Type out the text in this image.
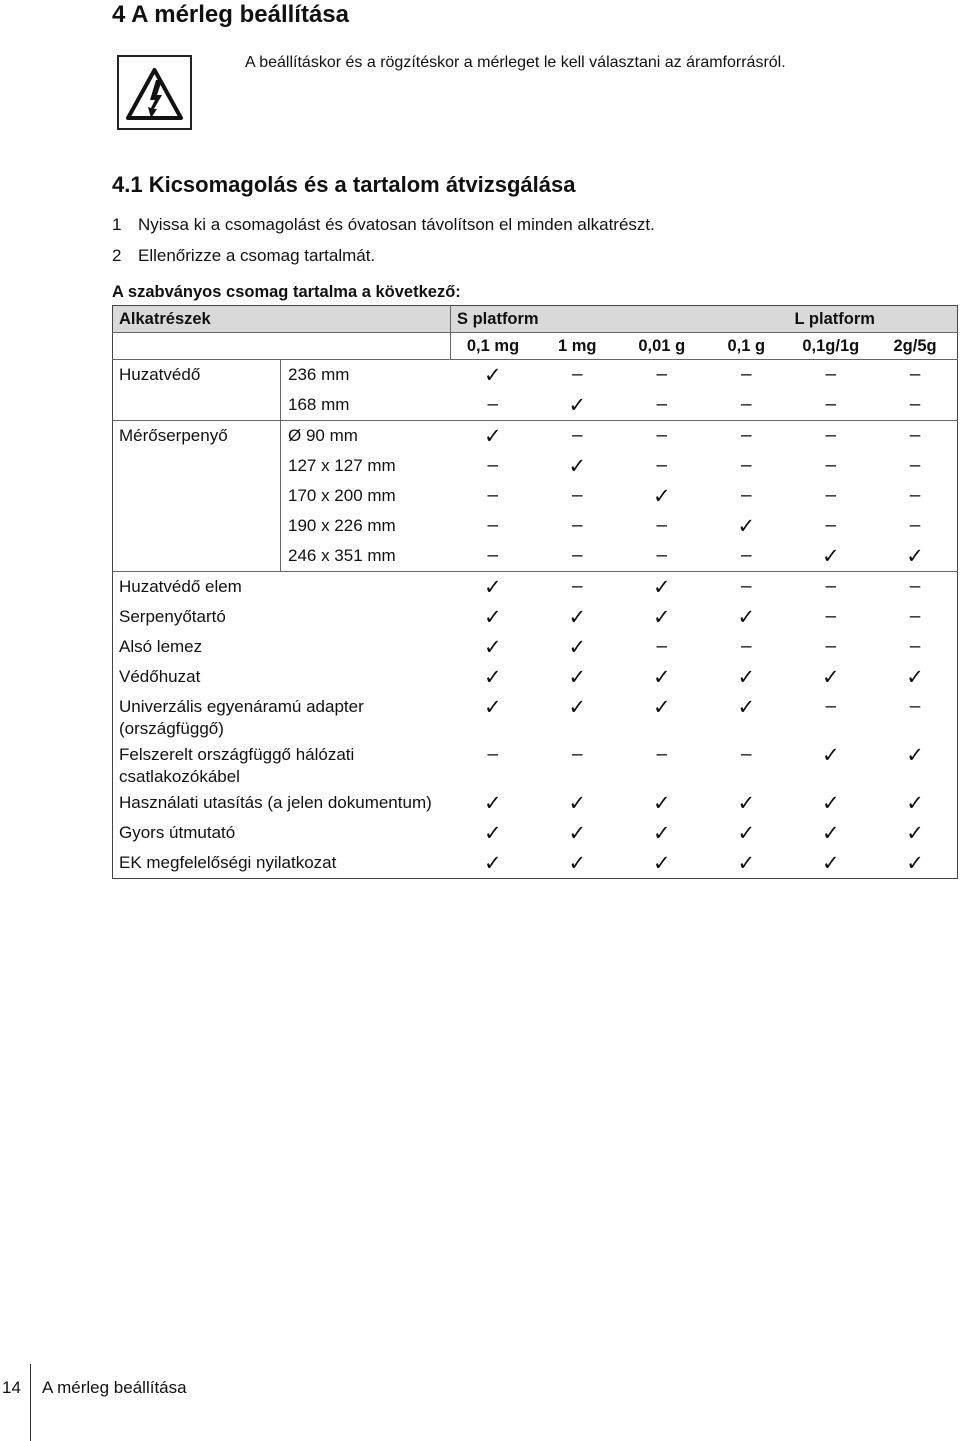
4 A mérleg beállítása
A beállításkor és a rögzítéskor a mérleget le kell választani az áramforrásról.
4.1 Kicsomagolás és a tartalom átvizsgálása
1 Nyissa ki a csomagolást és óvatosan távolítson el minden alkatrészt.
2 Ellenőrizze a csomag tartalmát.
A szabványos csomag tartalma a következő:
Alkatrészek		S platform				L platform	
		0,1 mg	1 mg	0,01 g	0,1 g	0,1g/1g	2g/5g
Huzatvédő	236 mm	✓	–	–	–	–	–
	168 mm	–	✓	–	–	–	–
Mérőserpenyő	Ø 90 mm	✓	–	–	–	–	–
	127 x 127 mm	–	✓	–	–	–	–
	170 x 200 mm	–	–	✓	–	–	–
	190 x 226 mm	–	–	–	✓	–	–
	246 x 351 mm	–	–	–	–	✓	✓
Huzatvédő elem		✓	–	✓	–	–	–
Serpenyőtartó		✓	✓	✓	✓	–	–
Alsó lemez		✓	✓	–	–	–	–
Védőhuzat		✓	✓	✓	✓	✓	✓
Univerzális egyenáramú adapter (országfüggő)		✓	✓	✓	✓	–	–
Felszerelt országfüggő hálózati csatlakozókábel		–	–	–	–	✓	✓
Használati utasítás (a jelen dokumentum)		✓	✓	✓	✓	✓	✓
Gyors útmutató		✓	✓	✓	✓	✓	✓
EK megfelelőségi nyilatkozat		✓	✓	✓	✓	✓	✓
14 A mérleg beállítása
